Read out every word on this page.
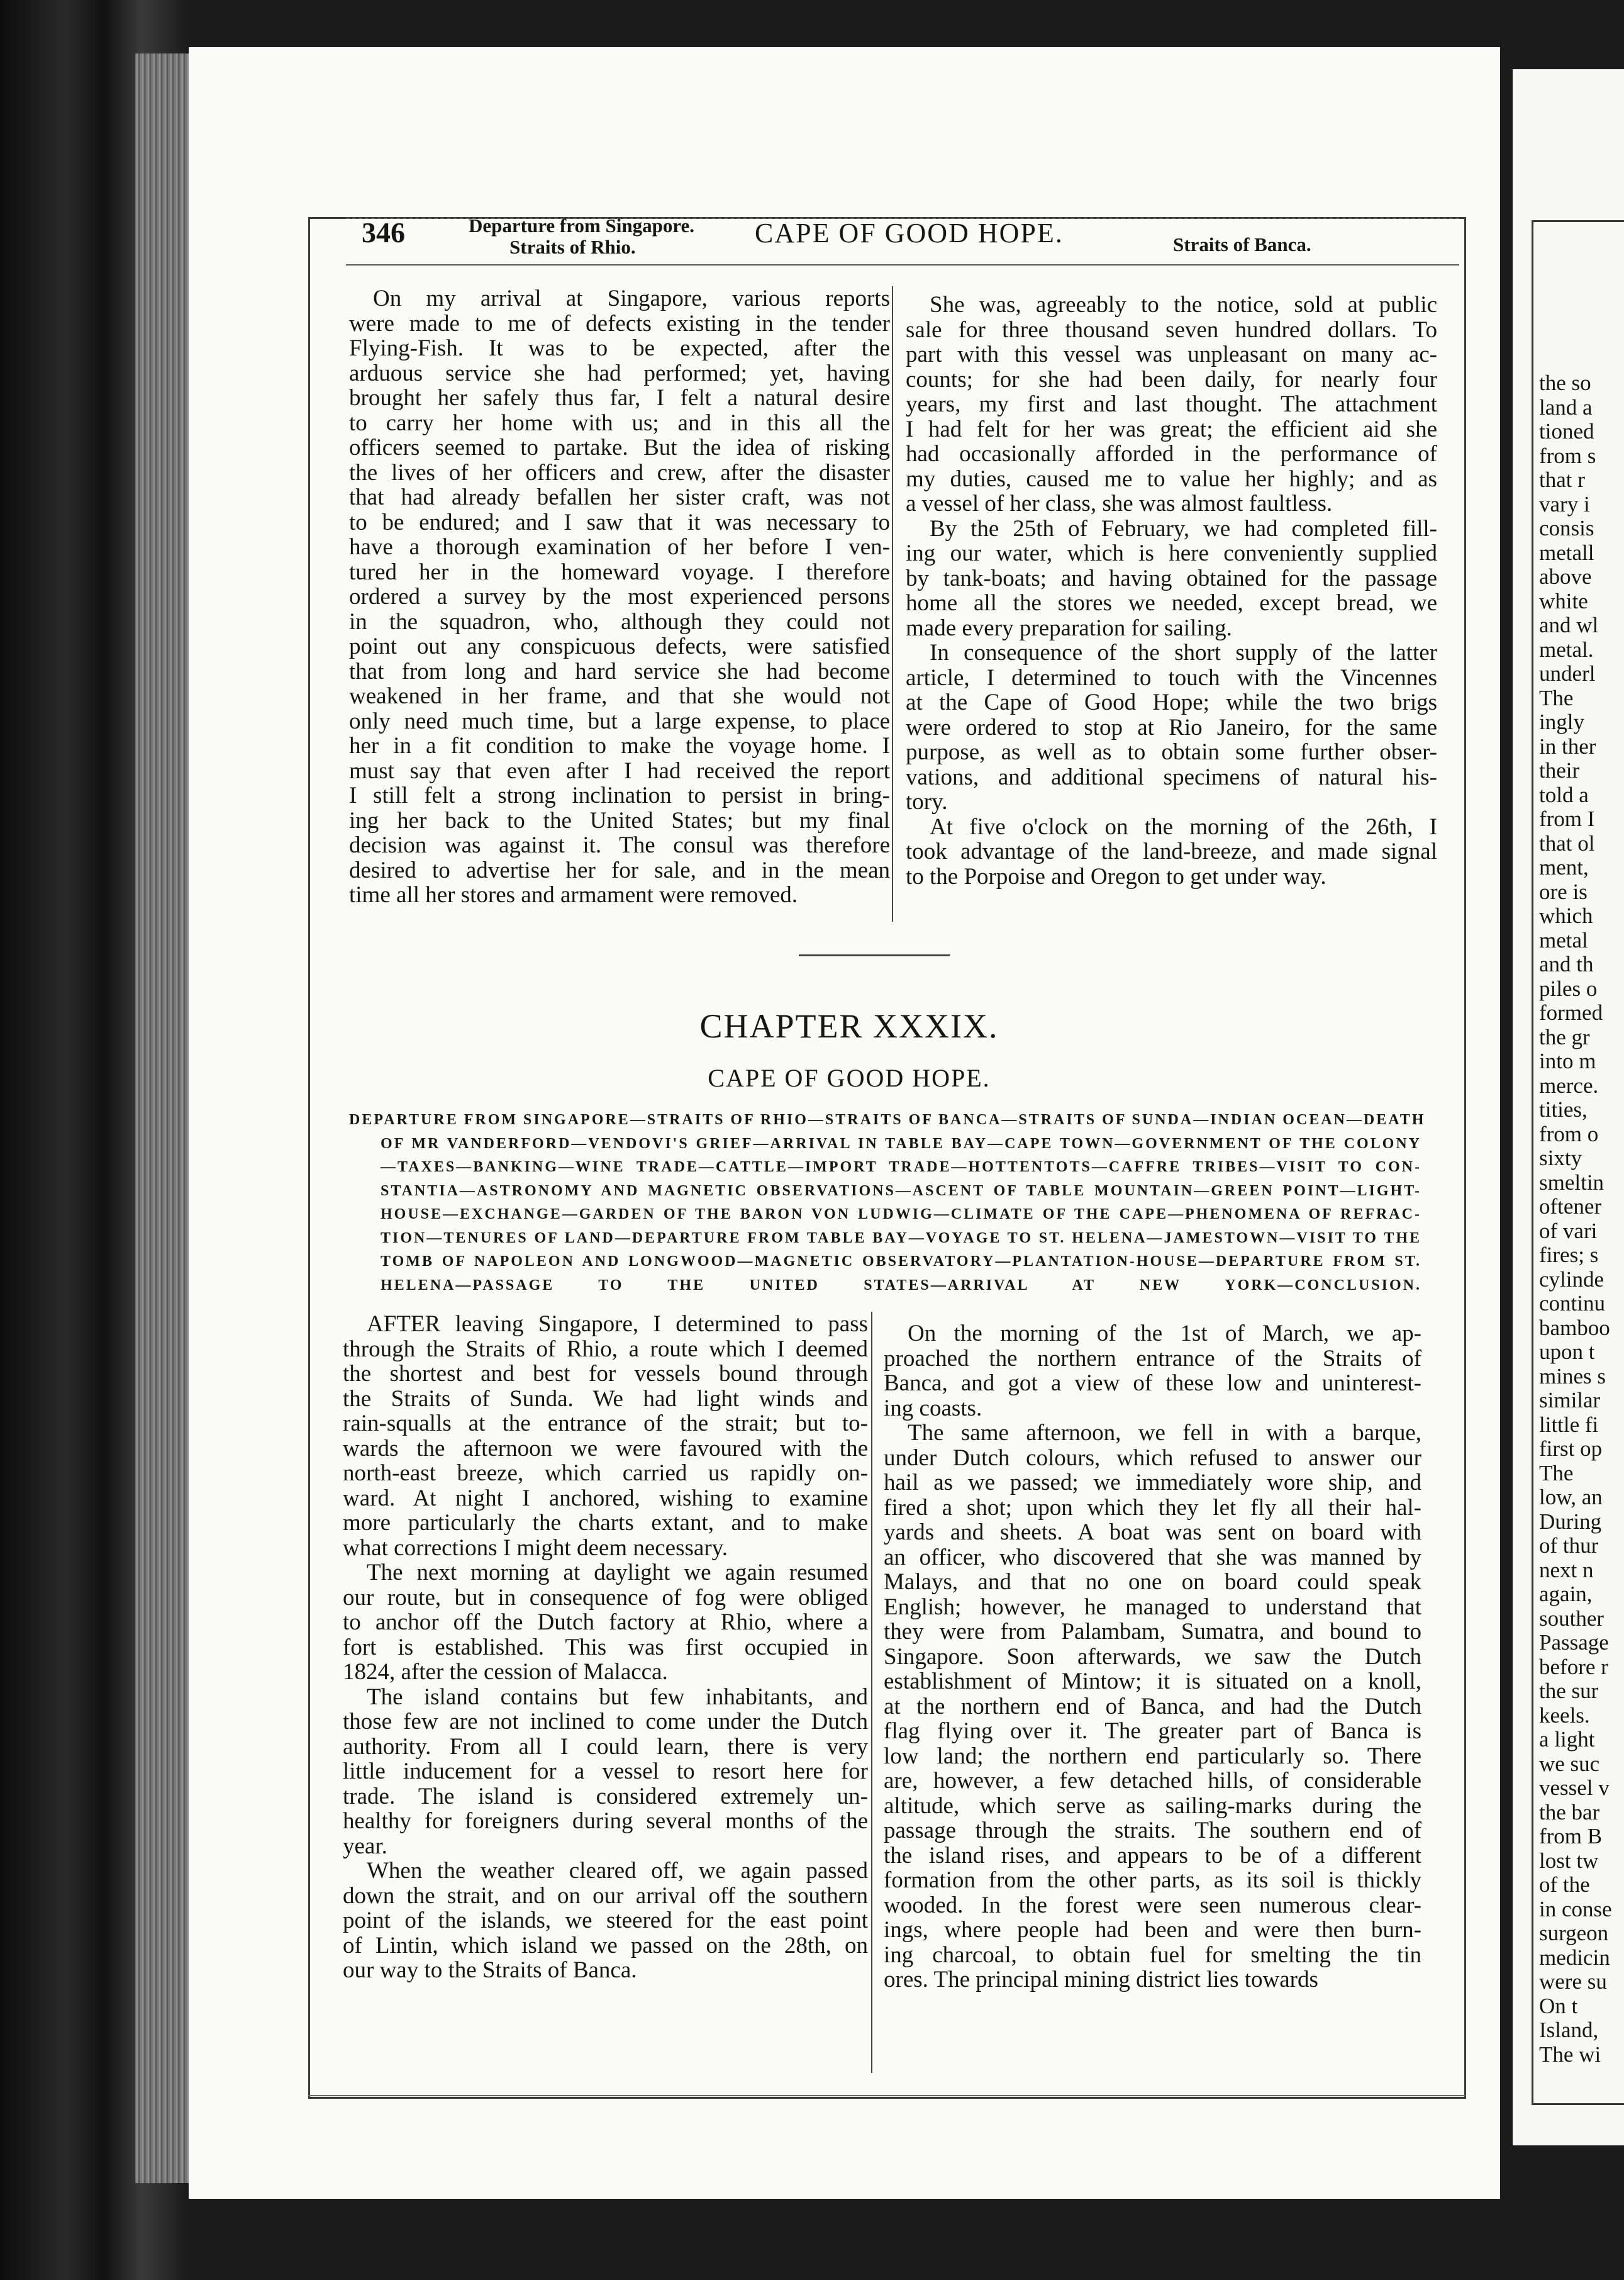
the so
land a
tioned
from s
that r
vary i
consis
metall
above
white
and wl
metal.
underl
The
ingly
in ther
their
told a
from I
that ol
ment,
ore is
which
metal
and th
piles o
formed
the gr
into m
merce.
tities,
from o
sixty
smeltin
oftener
of vari
fires; s
cylinde
continu
bamboo
upon t
mines s
similar
little fi
first op
The
low, an
During
of thur
next n
again,
souther
Passage
before r
the sur
keels.
a light
we suc
vessel v
the bar
from B
lost tw
of the
in conse
surgeon
medicin
were su
On t
Island,
The wi
346	Departure from Singapore.
Straits of Rhio.	CAPE OF GOOD HOPE.	Straits of Banca.
On my arrival at Singapore, various reports
were made to me of defects existing in the tender
Flying-Fish. It was to be expected, after the
arduous service she had performed; yet, having
brought her safely thus far, I felt a natural desire
to carry her home with us; and in this all the
officers seemed to partake. But the idea of risking
the lives of her officers and crew, after the disaster
that had already befallen her sister craft, was not
to be endured; and I saw that it was necessary to
have a thorough examination of her before I ven-
tured her in the homeward voyage. I therefore
ordered a survey by the most experienced persons
in the squadron, who, although they could not
point out any conspicuous defects, were satisfied
that from long and hard service she had become
weakened in her frame, and that she would not
only need much time, but a large expense, to place
her in a fit condition to make the voyage home. I
must say that even after I had received the report
I still felt a strong inclination to persist in bring-
ing her back to the United States; but my final
decision was against it. The consul was therefore
desired to advertise her for sale, and in the mean
time all her stores and armament were removed.
She was, agreeably to the notice, sold at public
sale for three thousand seven hundred dollars. To
part with this vessel was unpleasant on many ac-
counts; for she had been daily, for nearly four
years, my first and last thought. The attachment
I had felt for her was great; the efficient aid she
had occasionally afforded in the performance of
my duties, caused me to value her highly; and as
a vessel of her class, she was almost faultless.
By the 25th of February, we had completed fill-
ing our water, which is here conveniently supplied
by tank-boats; and having obtained for the passage
home all the stores we needed, except bread, we
made every preparation for sailing.
In consequence of the short supply of the latter
article, I determined to touch with the Vincennes
at the Cape of Good Hope; while the two brigs
were ordered to stop at Rio Janeiro, for the same
purpose, as well as to obtain some further obser-
vations, and additional specimens of natural his-
tory.
At five o'clock on the morning of the 26th, I
took advantage of the land-breeze, and made signal
to the Porpoise and Oregon to get under way.
CHAPTER XXXIX.
CAPE OF GOOD HOPE.
DEPARTURE FROM SINGAPORE—STRAITS OF RHIO—STRAITS OF BANCA—STRAITS OF SUNDA—INDIAN OCEAN—DEATH
OF MR VANDERFORD—VENDOVI'S GRIEF—ARRIVAL IN TABLE BAY—CAPE TOWN—GOVERNMENT OF THE COLONY
—TAXES—BANKING—WINE TRADE—CATTLE—IMPORT TRADE—HOTTENTOTS—CAFFRE TRIBES—VISIT TO CON-
STANTIA—ASTRONOMY AND MAGNETIC OBSERVATIONS—ASCENT OF TABLE MOUNTAIN—GREEN POINT—LIGHT-
HOUSE—EXCHANGE—GARDEN OF THE BARON VON LUDWIG—CLIMATE OF THE CAPE—PHENOMENA OF REFRAC-
TION—TENURES OF LAND—DEPARTURE FROM TABLE BAY—VOYAGE TO ST. HELENA—JAMESTOWN—VISIT TO THE
TOMB OF NAPOLEON AND LONGWOOD—MAGNETIC OBSERVATORY—PLANTATION-HOUSE—DEPARTURE FROM ST.
HELENA—PASSAGE TO THE UNITED STATES—ARRIVAL AT NEW YORK—CONCLUSION.
AFTER leaving Singapore, I determined to pass
through the Straits of Rhio, a route which I deemed
the shortest and best for vessels bound through
the Straits of Sunda. We had light winds and
rain-squalls at the entrance of the strait; but to-
wards the afternoon we were favoured with the
north-east breeze, which carried us rapidly on-
ward. At night I anchored, wishing to examine
more particularly the charts extant, and to make
what corrections I might deem necessary.
The next morning at daylight we again resumed
our route, but in consequence of fog were obliged
to anchor off the Dutch factory at Rhio, where a
fort is established. This was first occupied in
1824, after the cession of Malacca.
The island contains but few inhabitants, and
those few are not inclined to come under the Dutch
authority. From all I could learn, there is very
little inducement for a vessel to resort here for
trade. The island is considered extremely un-
healthy for foreigners during several months of the
year.
When the weather cleared off, we again passed
down the strait, and on our arrival off the southern
point of the islands, we steered for the east point
of Lintin, which island we passed on the 28th, on
our way to the Straits of Banca.
On the morning of the 1st of March, we ap-
proached the northern entrance of the Straits of
Banca, and got a view of these low and uninterest-
ing coasts.
The same afternoon, we fell in with a barque,
under Dutch colours, which refused to answer our
hail as we passed; we immediately wore ship, and
fired a shot; upon which they let fly all their hal-
yards and sheets. A boat was sent on board with
an officer, who discovered that she was manned by
Malays, and that no one on board could speak
English; however, he managed to understand that
they were from Palambam, Sumatra, and bound to
Singapore. Soon afterwards, we saw the Dutch
establishment of Mintow; it is situated on a knoll,
at the northern end of Banca, and had the Dutch
flag flying over it. The greater part of Banca is
low land; the northern end particularly so. There
are, however, a few detached hills, of considerable
altitude, which serve as sailing-marks during the
passage through the straits. The southern end of
the island rises, and appears to be of a different
formation from the other parts, as its soil is thickly
wooded. In the forest were seen numerous clear-
ings, where people had been and were then burn-
ing charcoal, to obtain fuel for smelting the tin
ores. The principal mining district lies towards
